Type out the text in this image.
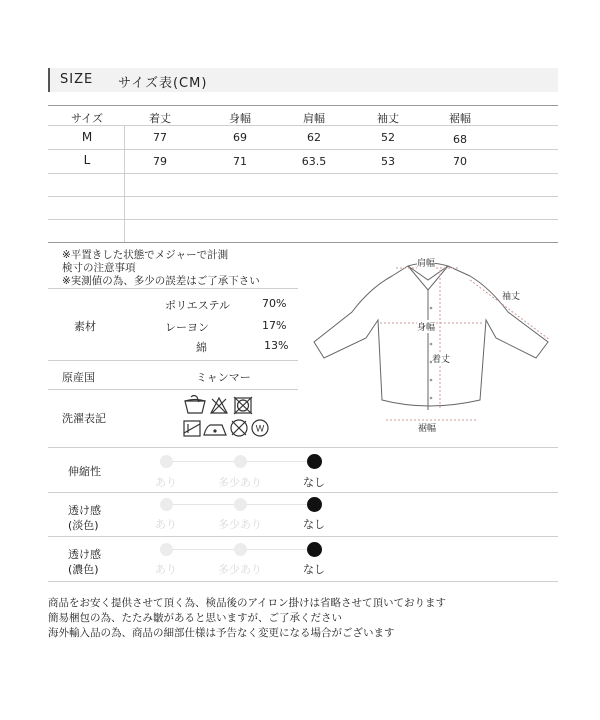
SIZE サイズ表(CM)
サイズ	着丈	身幅	肩幅	袖丈	裾幅
M	77	69	62	52	68
L	79	71	63.5	53	70
※平置きした状態でメジャーで計測
検寸の注意事項
※実測値の為、多少の誤差はご了承下さい
素材
ポリエステル	70%
レーヨン	17%
綿	13%
原産国	ミャンマー
洗濯表記
W
肩幅
袖丈
身幅
着丈
裾幅
伸縮性
あり	多少あり	なし
透け感
(淡色)	あり	多少あり	なし
透け感
(濃色)	あり	多少あり	なし
商品をお安く提供させて頂く為、検品後のアイロン掛けは省略させて頂いております
簡易梱包の為、たたみ皺があると思いますが、ご了承ください
海外輸入品の為、商品の細部仕様は予告なく変更になる場合がございます
